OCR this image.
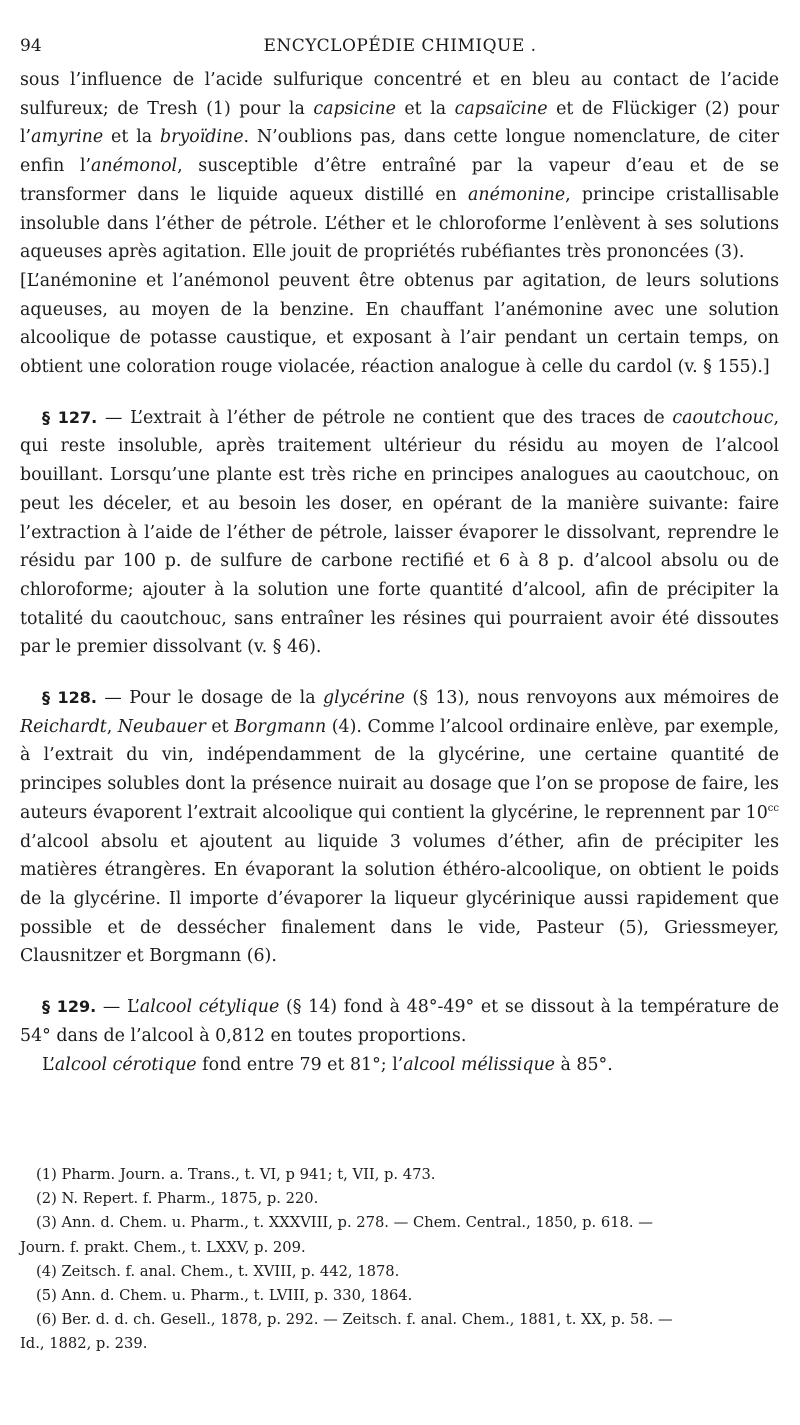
94	ENCYCLOPÉDIE CHIMIQUE .

sous l’influence de l’acide sulfurique concentré et en bleu au contact de l’acide sulfureux; de Tresh (1) pour la capsicine et la capsaïcine et de Flückiger (2) pour l’amyrine et la bryoïdine. N’oublions pas, dans cette longue nomenclature, de citer enfin l’anémonol, susceptible d’être entraîné par la vapeur d’eau et de se transformer dans le liquide aqueux distillé en anémonine, principe cristallisable insoluble dans l’éther de pétrole. L’éther et le chloroforme l’enlèvent à ses solutions aqueuses après agitation. Elle jouit de propriétés rubéfiantes très prononcées (3).

[L’anémonine et l’anémonol peuvent être obtenus par agitation, de leurs solutions aqueuses, au moyen de la benzine. En chauffant l’anémonine avec une solution alcoolique de potasse caustique, et exposant à l’air pendant un certain temps, on obtient une coloration rouge violacée, réaction analogue à celle du cardol (v. § 155).]

§ 127. — L’extrait à l’éther de pétrole ne contient que des traces de caoutchouc, qui reste insoluble, après traitement ultérieur du résidu au moyen de l’alcool bouillant. Lorsqu’une plante est très riche en principes analogues au caoutchouc, on peut les déceler, et au besoin les doser, en opérant de la manière suivante: faire l’extraction à l’aide de l’éther de pétrole, laisser évaporer le dissolvant, reprendre le résidu par 100 p. de sulfure de carbone rectifié et 6 à 8 p. d’alcool absolu ou de chloroforme; ajouter à la solution une forte quantité d’alcool, afin de précipiter la totalité du caoutchouc, sans entraîner les résines qui pourraient avoir été dissoutes par le premier dissolvant (v. § 46).

§ 128. — Pour le dosage de la glycérine (§ 13), nous renvoyons aux mémoires de Reichardt, Neubauer et Borgmann (4). Comme l’alcool ordinaire enlève, par exemple, à l’extrait du vin, indépendamment de la glycérine, une certaine quantité de principes solubles dont la présence nuirait au dosage que l’on se propose de faire, les auteurs évaporent l’extrait alcoolique qui contient la glycérine, le reprennent par $10^{cc}$ d’alcool absolu et ajoutent au liquide 3 volumes d’éther, afin de précipiter les matières étrangères. En évaporant la solution éthéro-alcoolique, on obtient le poids de la glycérine. Il importe d’évaporer la liqueur glycérinique aussi rapidement que possible et de dessécher finalement dans le vide, Pasteur (5), Griessmeyer, Clausnitzer et Borgmann (6).

§ 129. — L’alcool cétylique (§ 14) fond à 48°-49° et se dissout à la température de 54° dans de l’alcool à 0,812 en toutes proportions.

L’alcool cérotique fond entre 79 et 81°; l’alcool mélissique à 85°.

(1) Pharm. Journ. a. Trans., t. VI, p 941; t, VII, p. 473.

(2) N. Repert. f. Pharm., 1875, p. 220.

(3) Ann. d. Chem. u. Pharm., t. XXXVIII, p. 278. — Chem. Central., 1850, p. 618. —

Journ. f. prakt. Chem., t. LXXV, p. 209.

(4) Zeitsch. f. anal. Chem., t. XVIII, p. 442, 1878.

(5) Ann. d. Chem. u. Pharm., t. LVIII, p. 330, 1864.

(6) Ber. d. d. ch. Gesell., 1878, p. 292. — Zeitsch. f. anal. Chem., 1881, t. XX, p. 58. —

Id., 1882, p. 239.
